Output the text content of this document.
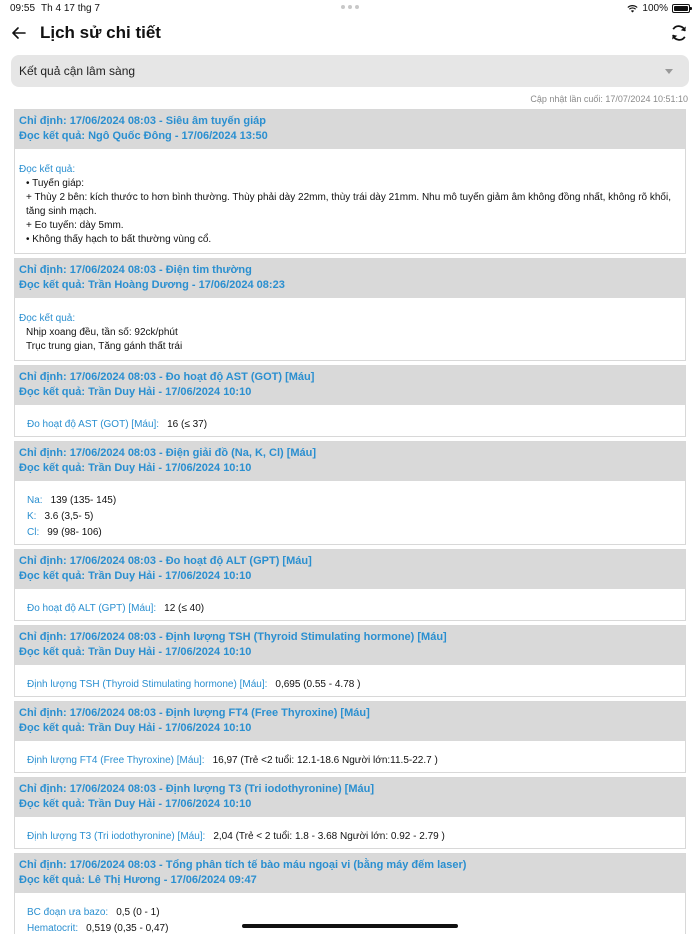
09:55 Th 4 17 thg 7	100%
Lịch sử chi tiết
Kết quả cận lâm sàng
Cập nhật lần cuối: 17/07/2024 10:51:10
Chỉ định: 17/06/2024 08:03 - Siêu âm tuyến giáp
Đọc kết quả: Ngô Quốc Đông - 17/06/2024 13:50
Đọc kết quả:
• Tuyến giáp:
+ Thùy 2 bên: kích thước to hơn bình thường. Thùy phải dày 22mm, thùy trái dày 21mm. Nhu mô tuyến giảm âm không đồng nhất, không rõ khối, tăng sinh mạch.
+ Eo tuyến: dày 5mm.
• Không thấy hạch to bất thường vùng cổ.
Chỉ định: 17/06/2024 08:03 - Điện tim thường
Đọc kết quả: Trần Hoàng Dương - 17/06/2024 08:23
Đọc kết quả:
Nhịp xoang đều, tần số: 92ck/phút
Trục trung gian, Tăng gánh thất trái
Chỉ định: 17/06/2024 08:03 - Đo hoạt độ AST (GOT) [Máu]
Đọc kết quả: Trần Duy Hải - 17/06/2024 10:10
Đo hoạt độ AST (GOT) [Máu]: 16 (≤ 37)
Chỉ định: 17/06/2024 08:03 - Điện giải đồ (Na, K, Cl) [Máu]
Đọc kết quả: Trần Duy Hải - 17/06/2024 10:10
Na: 139 (135- 145)
K: 3.6 (3,5- 5)
Cl: 99 (98- 106)
Chỉ định: 17/06/2024 08:03 - Đo hoạt độ ALT (GPT) [Máu]
Đọc kết quả: Trần Duy Hải - 17/06/2024 10:10
Đo hoạt độ ALT (GPT) [Máu]: 12 (≤ 40)
Chỉ định: 17/06/2024 08:03 - Định lượng TSH (Thyroid Stimulating hormone) [Máu]
Đọc kết quả: Trần Duy Hải - 17/06/2024 10:10
Định lượng TSH (Thyroid Stimulating hormone) [Máu]: 0,695 (0.55 - 4.78 )
Chỉ định: 17/06/2024 08:03 - Định lượng FT4 (Free Thyroxine) [Máu]
Đọc kết quả: Trần Duy Hải - 17/06/2024 10:10
Định lượng FT4 (Free Thyroxine) [Máu]: 16,97 (Trẻ <2 tuổi: 12.1-18.6 Người lớn:11.5-22.7 )
Chỉ định: 17/06/2024 08:03 - Định lượng T3 (Tri iodothyronine) [Máu]
Đọc kết quả: Trần Duy Hải - 17/06/2024 10:10
Định lượng T3 (Tri iodothyronine) [Máu]: 2,04 (Trẻ < 2 tuổi: 1.8 - 3.68 Người lớn: 0.92 - 2.79 )
Chỉ định: 17/06/2024 08:03 - Tổng phân tích tế bào máu ngoại vi (bằng máy đếm laser)
Đọc kết quả: Lê Thị Hương - 17/06/2024 09:47
BC đoạn ưa bazo: 0,5 (0 - 1)
Hematocrit: 0,519 (0,35 - 0,47)
